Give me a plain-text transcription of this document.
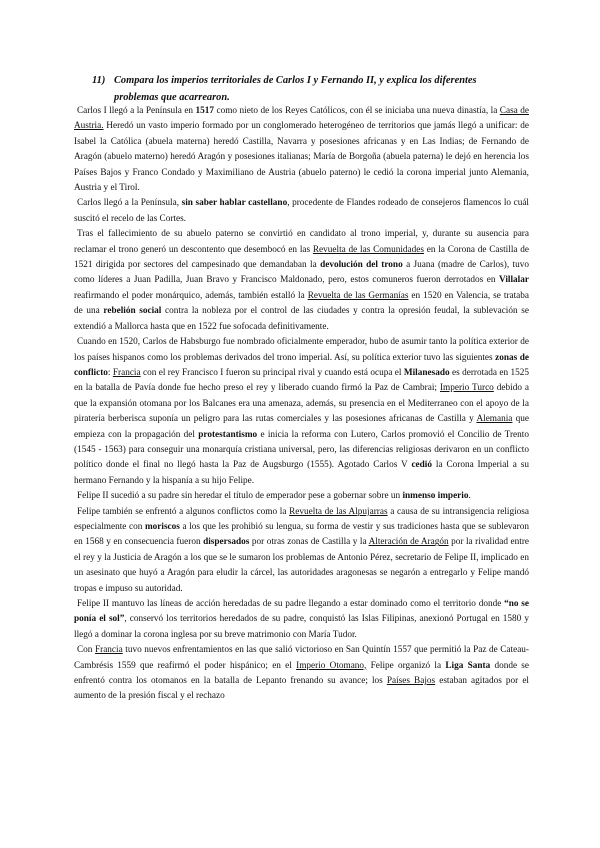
11) Compara los imperios territoriales de Carlos I y Fernando II, y explica los diferentes
problemas que acarrearon.

Carlos I llegó a la Península en 1517 como nieto de los Reyes Católicos, con él se iniciaba una nueva dinastía, la Casa de Austria. Heredó un vasto imperio formado por un conglomerado heterogéneo de territorios que jamás llegó a unificar: de Isabel la Católica (abuela materna) heredó Castilla, Navarra y posesiones africanas y en Las Indias; de Fernando de Aragón (abuelo materno) heredó Aragón y posesiones italianas; María de Borgoña (abuela paterna) le dejó en herencia los Países Bajos y Franco Condado y Maximiliano de Austria (abuelo paterno) le cedió la corona imperial junto Alemania, Austria y el Tirol.

Carlos llegó a la Península, sin saber hablar castellano, procedente de Flandes rodeado de consejeros flamencos lo cuál suscitó el recelo de las Cortes.

Tras el fallecimiento de su abuelo paterno se convirtió en candidato al trono imperial, y, durante su ausencia para reclamar el trono generó un descontento que desembocó en las Revuelta de las Comunidades en la Corona de Castilla de 1521 dirigida por sectores del campesinado que demandaban la devolución del trono a Juana (madre de Carlos), tuvo como líderes a Juan Padilla, Juan Bravo y Francisco Maldonado, pero, estos comuneros fueron derrotados en Villalar reafirmando el poder monárquico, además, también estalló la Revuelta de las Germanías en 1520 en Valencia, se trataba de una rebelión social contra la nobleza por el control de las ciudades y contra la opresión feudal, la sublevación se extendió a Mallorca hasta que en 1522 fue sofocada definitivamente.

Cuando en 1520, Carlos de Habsburgo fue nombrado oficialmente emperador, hubo de asumir tanto la política exterior de los países hispanos como los problemas derivados del trono imperial. Así, su política exterior tuvo las siguientes zonas de conflicto: Francia con el rey Francisco I fueron su principal rival y cuando está ocupa el Milanesado es derrotada en 1525 en la batalla de Pavía donde fue hecho preso el rey y liberado cuando firmó la Paz de Cambrai; Imperio Turco debido a que la expansión otomana por los Balcanes era una amenaza, además, su presencia en el Mediterraneo con el apoyo de la piratería berberisca suponía un peligro para las rutas comerciales y las posesiones africanas de Castilla y Alemania que empieza con la propagación del protestantismo e inicia la reforma con Lutero, Carlos promovió el Concilio de Trento (1545 - 1563) para conseguir una monarquía cristiana universal, pero, las diferencias religiosas derivaron en un conflicto político donde el final no llegó hasta la Paz de Augsburgo (1555). Agotado Carlos V cedió la Corona Imperial a su hermano Fernando y la hispanía a su hijo Felipe.

Felipe II sucedió a su padre sin heredar el título de emperador pese a gobernar sobre un inmenso imperio.

Felipe también se enfrentó a algunos conflictos como la Revuelta de las Alpujarras a causa de su intransigencia religiosa especialmente con moriscos a los que les prohibió su lengua, su forma de vestir y sus tradiciones hasta que se sublevaron en 1568 y en consecuencia fueron dispersados por otras zonas de Castilla y la Alteración de Aragón por la rivalidad entre el rey y la Justicia de Aragón a los que se le sumaron los problemas de Antonio Pérez, secretario de Felipe II, implicado en un asesinato que huyó a Aragón para eludir la cárcel, las autoridades aragonesas se negarón a entregarlo y Felipe mandó tropas e impuso su autoridad.

Felipe II mantuvo las líneas de acción heredadas de su padre llegando a estar dominado como el territorio donde “no se ponía el sol”, conservó los territorios heredados de su padre, conquistó las Islas Filipinas, anexionó Portugal en 1580 y llegó a dominar la corona inglesa por su breve matrimonio con María Tudor.

Con Francia tuvo nuevos enfrentamientos en las que salió victorioso en San Quintín 1557 que permitió la Paz de Cateau-Cambrésis 1559 que reafirmó el poder hispánico; en el Imperio Otomano, Felipe organizó la Liga Santa donde se enfrentó contra los otomanos en la batalla de Lepanto frenando su avance; los Países Bajos estaban agitados por el aumento de la presión fiscal y el rechazo
